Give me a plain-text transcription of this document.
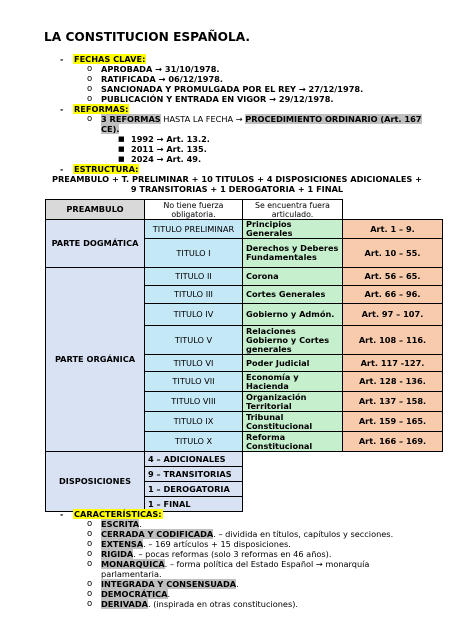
LA CONSTITUCION ESPAÑOLA.
- FECHAS CLAVE:
o APROBADA → 31/10/1978.
o RATIFICADA → 06/12/1978.
o SANCIONADA Y PROMULGADA POR EL REY → 27/12/1978.
o PUBLICACIÓN Y ENTRADA EN VIGOR → 29/12/1978.
- REFORMAS:
o 3 REFORMAS HASTA LA FECHA → PROCEDIMIENTO ORDINARIO (Art. 167
CE).
■ 1992 → Art. 13.2.
■ 2011 → Art. 135.
■ 2024 → Art. 49.
- ESTRUCTURA:
PREAMBULO + T. PRELIMINAR + 10 TITULOS + 4 DISPOSICIONES ADICIONALES +
9 TRANSITORIAS + 1 DEROGATORIA + 1 FINAL
PREAMBULO	No tiene fuerza obligatoria.	Se encuentra fuera articulado.	
PARTE DOGMÁTICA	TITULO PRELIMINAR	Principios Generales	Art. 1 – 9.
	TITULO I	Derechos y Deberes Fundamentales	Art. 10 – 55.
PARTE ORGÁNICA	TITULO II	Corona	Art. 56 – 65.
	TITULO III	Cortes Generales	Art. 66 – 96.
	TITULO IV	Gobierno y Admón.	Art. 97 – 107.
	TITULO V	Relaciones Gobierno y Cortes generales	Art. 108 – 116.
	TITULO VI	Poder Judicial	Art. 117 -127.
	TITULO VII	Economía y Hacienda	Art. 128 - 136.
	TITULO VIII	Organización Territorial	Art. 137 – 158.
	TITULO IX	Tribunal Constitucional	Art. 159 – 165.
	TITULO X	Reforma Constitucional	Art. 166 – 169.
DISPOSICIONES	4 – ADICIONALES		
	9 – TRANSITORIAS		
	1 – DEROGATORIA		
	1 – FINAL		
- CARACTERÍSTICAS:
o ESCRITA.
o CERRADA Y CODIFICADA. – dividida en títulos, capítulos y secciones.
o EXTENSA. – 169 artículos + 15 disposiciones.
o RIGIDA. – pocas reformas (solo 3 reformas en 46 años).
o MONARQUICA. – forma política del Estado Español → monarquía
parlamentaria.
o INTEGRADA Y CONSENSUADA.
o DEMOCRÁTICA.
o DERIVADA. (inspirada en otras constituciones).
